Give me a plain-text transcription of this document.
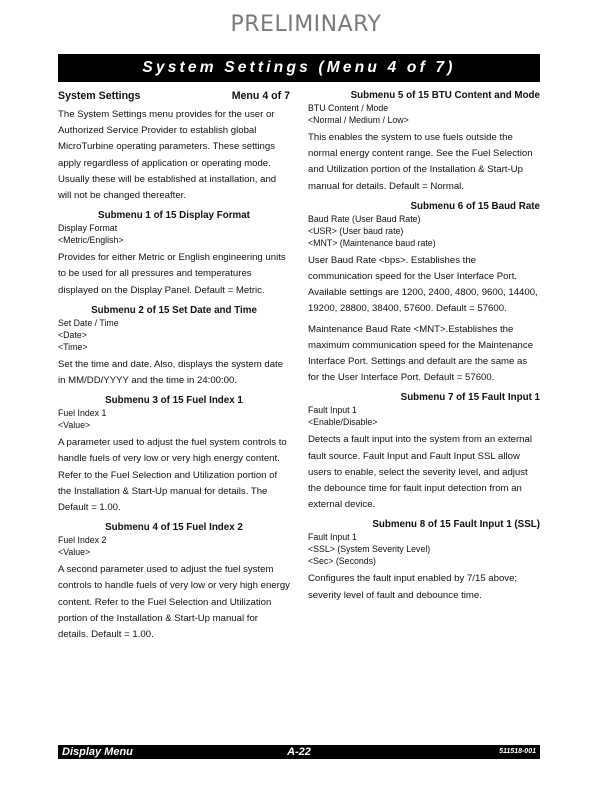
PRELIMINARY
System Settings (Menu 4 of 7)
System Settings	Menu 4 of 7
The System Settings menu provides for the user or Authorized Service Provider to establish global MicroTurbine operating parameters. These settings apply regardless of application or operating mode. Usually these will be established at installation, and will not be changed thereafter.
Submenu 1 of 15 Display Format
Display Format
<Metric/English>
Provides for either Metric or English engineering units to be used for all pressures and temperatures displayed on the Display Panel. Default = Metric.
Submenu 2 of 15 Set Date and Time
Set Date / Time
<Date>
<Time>
Set the time and date. Also, displays the system date in MM/DD/YYYY and the time in 24:00:00.
Submenu 3 of 15 Fuel Index 1
Fuel Index 1
<Value>
A parameter used to adjust the fuel system controls to handle fuels of very low or very high energy content. Refer to the Fuel Selection and Utilization portion of the Installation & Start-Up manual for details. The Default = 1.00.
Submenu 4 of 15 Fuel Index 2
Fuel Index 2
<Value>
A second parameter used to adjust the fuel system controls to handle fuels of very low or very high energy content. Refer to the Fuel Selection and Utilization portion of the Installation & Start-Up manual for details. Default = 1.00.
Submenu 5 of 15 BTU Content and Mode
BTU Content / Mode
<Normal / Medium / Low>
This enables the system to use fuels outside the normal energy content range. See the Fuel Selection and Utilization portion of the Installation & Start-Up manual for details. Default = Normal.
Submenu 6 of 15 Baud Rate
Baud Rate (User Baud Rate)
<USR> (User baud rate)
<MNT> (Maintenance baud rate)
User Baud Rate <bps>. Establishes the communication speed for the User Interface Port. Available settings are 1200, 2400, 4800, 9600, 14400, 19200, 28800, 38400, 57600. Default = 57600.
Maintenance Baud Rate <MNT>.Establishes the maximum communication speed for the Maintenance Interface Port. Settings and default are the same as for the User Interface Port. Default = 57600.
Submenu 7 of 15 Fault Input 1
Fault Input 1
<Enable/Disable>
Detects a fault input into the system from an external fault source. Fault Input and Fault Input SSL allow users to enable, select the severity level, and adjust the debounce time for fault input detection from an external device.
Submenu 8 of 15 Fault Input 1 (SSL)
Fault Input 1
<SSL> (System Severity Level)
<Sec> (Seconds)
Configures the fault input enabled by 7/15 above; severity level of fault and debounce time.
A-22
Display Menu	511518-001
